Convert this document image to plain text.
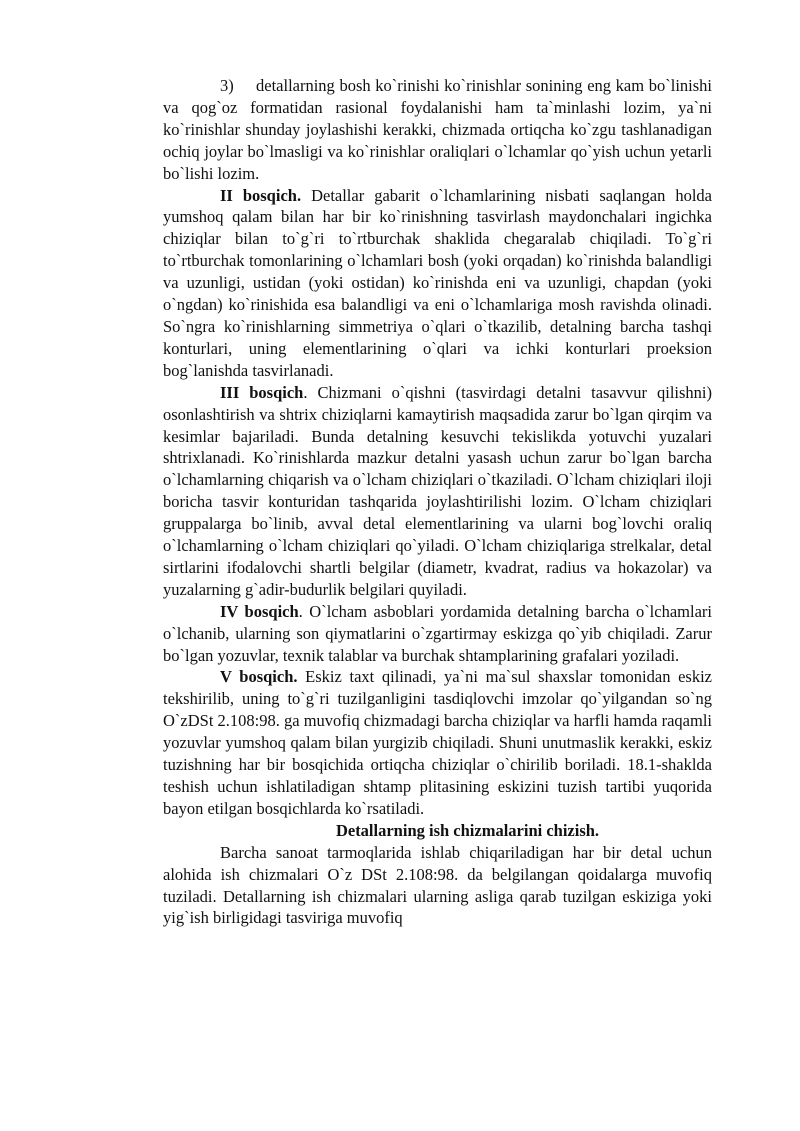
3) detallarning bosh ko`rinishi ko`rinishlar sonining eng kam bo`linishi va qog`oz formatidan rasional foydalanishi ham ta`minlashi lozim, ya`ni ko`rinishlar shunday joylashishi kerakki, chizmada ortiqcha ko`zgu tashlanadigan ochiq joylar bo`lmasligi va ko`rinishlar oraliqlari o`lchamlar qo`yish uchun yetarli bo`lishi lozim.

II bosqich. Detallar gabarit o`lchamlarining nisbati saqlangan holda yumshoq qalam bilan har bir ko`rinishning tasvirlash maydonchalari ingichka chiziqlar bilan to`g`ri to`rtburchak shaklida chegaralab chiqiladi. To`g`ri to`rtburchak tomonlarining o`lchamlari bosh (yoki orqadan) ko`rinishda balandligi va uzunligi, ustidan (yoki ostidan) ko`rinishda eni va uzunligi, chapdan (yoki o`ngdan) ko`rinishida esa balandligi va eni o`lchamlariga mosh ravishda olinadi. So`ngra ko`rinishlarning simmetriya o`qlari o`tkazilib, detalning barcha tashqi konturlari, uning elementlarining o`qlari va ichki konturlari proeksion bog`lanishda tasvirlanadi.

III bosqich. Chizmani o`qishni (tasvirdagi detalni tasavvur qilishni) osonlashtirish va shtrix chiziqlarni kamaytirish maqsadida zarur bo`lgan qirqim va kesimlar bajariladi. Bunda detalning kesuvchi tekislikda yotuvchi yuzalari shtrixlanadi. Ko`rinishlarda mazkur detalni yasash uchun zarur bo`lgan barcha o`lchamlarning chiqarish va o`lcham chiziqlari o`tkaziladi. O`lcham chiziqlari iloji boricha tasvir konturidan tashqarida joylashtirilishi lozim. O`lcham chiziqlari gruppalarga bo`linib, avval detal elementlarining va ularni bog`lovchi oraliq o`lchamlarning o`lcham chiziqlari qo`yiladi. O`lcham chiziqlariga strelkalar, detal sirtlarini ifodalovchi shartli belgilar (diametr, kvadrat, radius va hokazolar) va yuzalarning g`adir-budurlik belgilari quyiladi.

IV bosqich. O`lcham asboblari yordamida detalning barcha o`lchamlari o`lchanib, ularning son qiymatlarini o`zgartirmay eskizga qo`yib chiqiladi. Zarur bo`lgan yozuvlar, texnik talablar va burchak shtamplarining grafalari yoziladi.

V bosqich. Eskiz taxt qilinadi, ya`ni ma`sul shaxslar tomonidan eskiz tekshirilib, uning to`g`ri tuzilganligini tasdiqlovchi imzolar qo`yilgandan so`ng O`zDSt 2.108:98. ga muvofiq chizmadagi barcha chiziqlar va harfli hamda raqamli yozuvlar yumshoq qalam bilan yurgizib chiqiladi. Shuni unutmaslik kerakki, eskiz tuzishning har bir bosqichida ortiqcha chiziqlar o`chirilib boriladi. 18.1-shaklda teshish uchun ishlatiladigan shtamp plitasining eskizini tuzish tartibi yuqorida bayon etilgan bosqichlarda ko`rsatiladi.

Detallarning ish chizmalarini chizish.

Barcha sanoat tarmoqlarida ishlab chiqariladigan har bir detal uchun alohida ish chizmalari O`z DSt 2.108:98. da belgilangan qoidalarga muvofiq tuziladi. Detallarning ish chizmalari ularning asliga qarab tuzilgan eskiziga yoki yig`ish birligidagi tasviriga muvofiq
